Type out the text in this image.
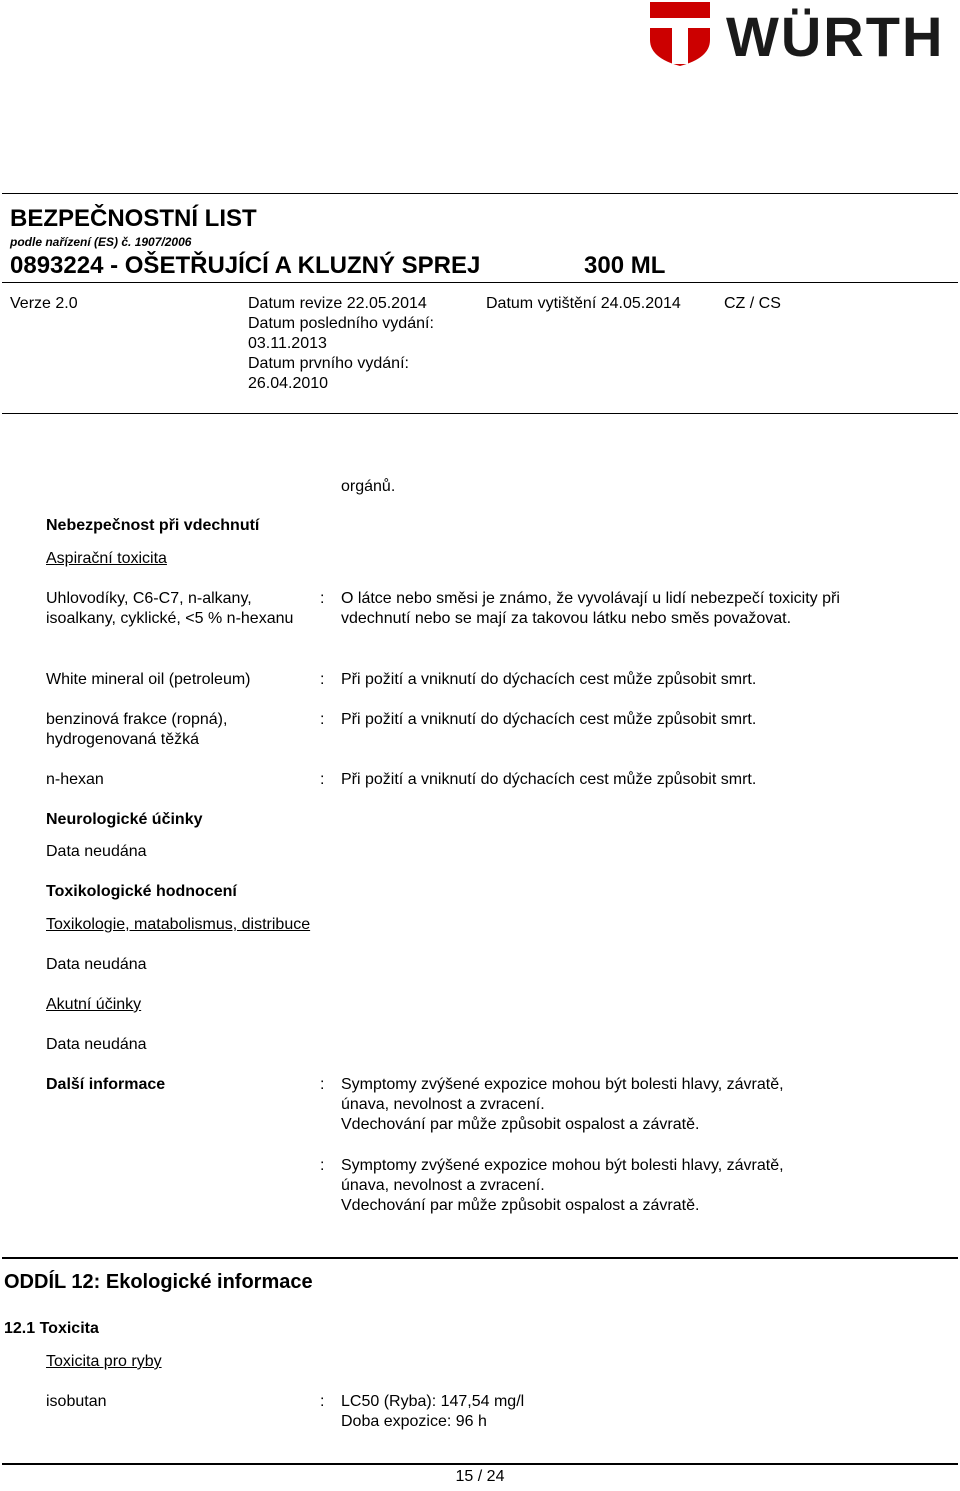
WÜRTH
BEZPEČNOSTNÍ LIST
podle nařízení (ES) č. 1907/2006
0893224 - OŠETŘUJÍCÍ A KLUZNÝ SPREJ	300 ML
Verze 2.0	Datum revize 22.05.2014
Datum posledního vydání:
03.11.2013
Datum prvního vydání:
26.04.2010
Datum vytištění 24.05.2014	CZ / CS
orgánů.
Nebezpečnost při vdechnutí
Aspirační toxicita
Uhlovodíky, C6-C7, n-alkany, isoalkany, cyklické, <5 % n-hexanu
: O látce nebo směsi je známo, že vyvolávají u lidí nebezpečí toxicity při vdechnutí nebo se mají za takovou látku nebo směs považovat.
White mineral oil (petroleum)	: Při požití a vniknutí do dýchacích cest může způsobit smrt.
benzinová frakce (ropná), hydrogenovaná těžká
: Při požití a vniknutí do dýchacích cest může způsobit smrt.
n-hexan	: Při požití a vniknutí do dýchacích cest může způsobit smrt.
Neurologické účinky
Data neudána
Toxikologické hodnocení
Toxikologie, matabolismus, distribuce
Data neudána
Akutní účinky
Data neudána
Další informace	: Symptomy zvýšené expozice mohou být bolesti hlavy, závratě,
únava, nevolnost a zvracení.
Vdechování par může způsobit ospalost a závratě.
: Symptomy zvýšené expozice mohou být bolesti hlavy, závratě,
únava, nevolnost a zvracení.
Vdechování par může způsobit ospalost a závratě.
ODDÍL 12: Ekologické informace
12.1 Toxicita
Toxicita pro ryby
isobutan	: LC50 (Ryba): 147,54 mg/l
Doba expozice: 96 h
15 / 24
